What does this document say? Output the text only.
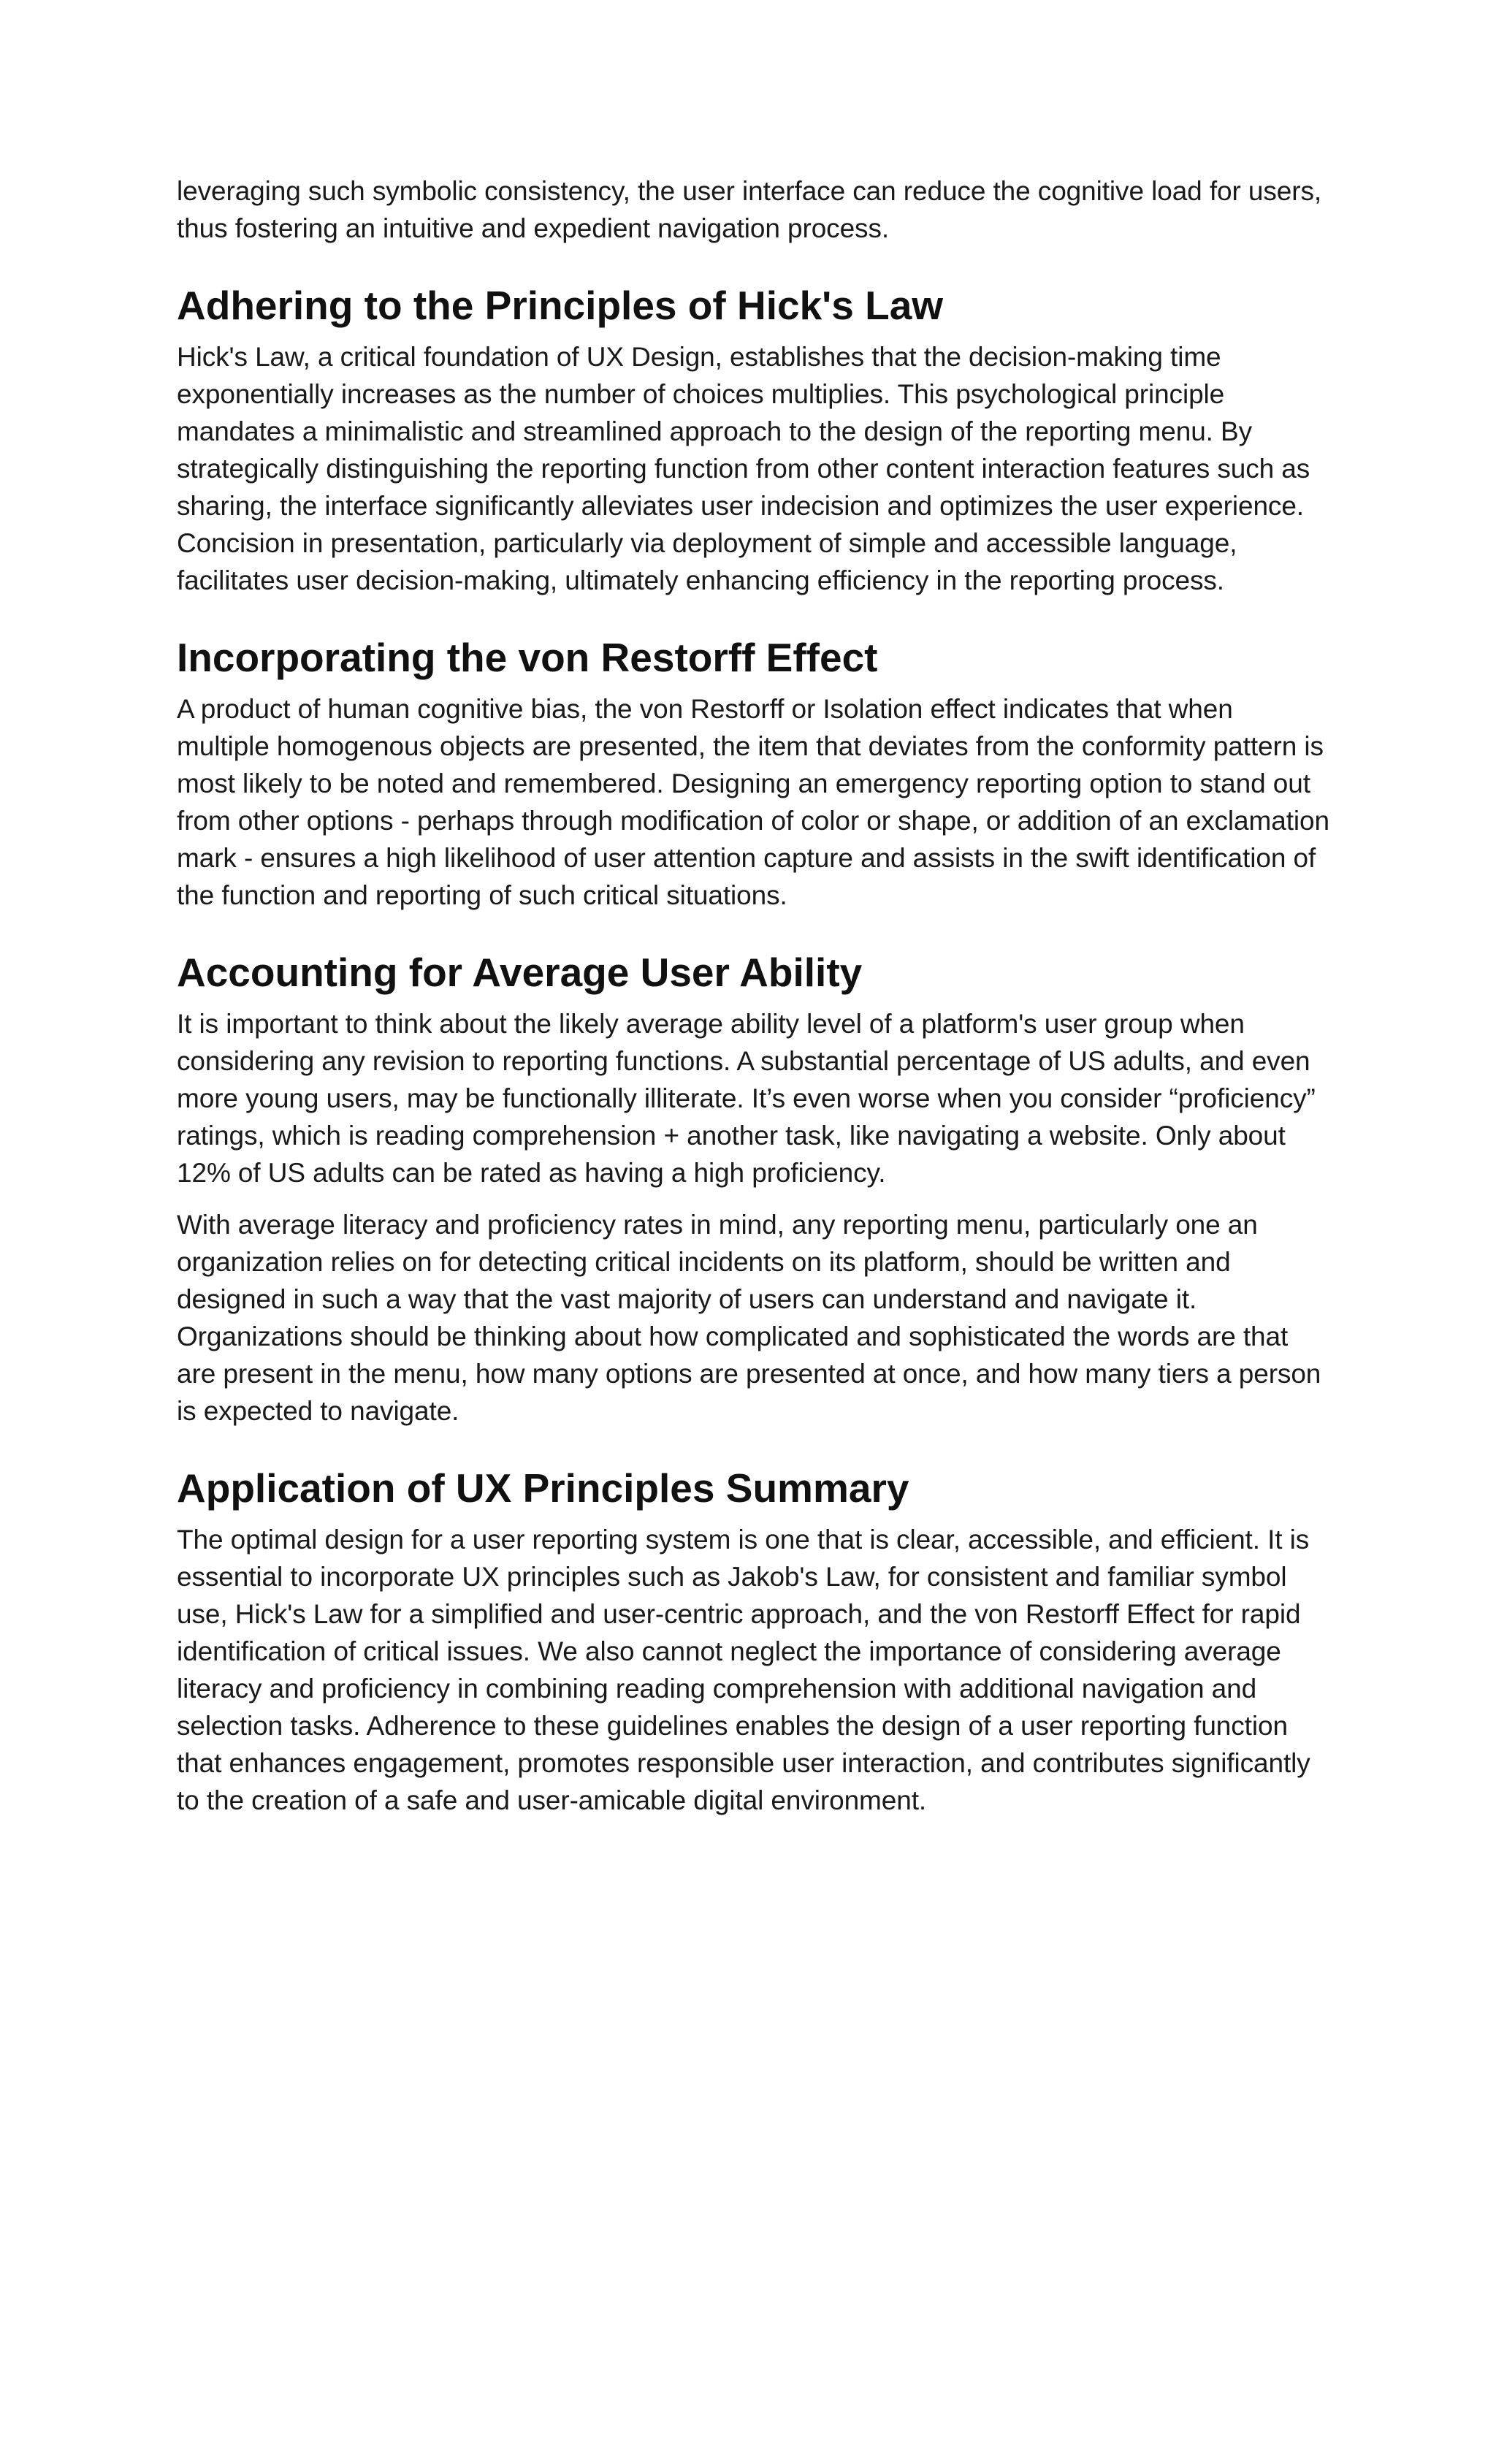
leveraging such symbolic consistency, the user interface can reduce the cognitive load for users, thus fostering an intuitive and expedient navigation process.

Adhering to the Principles of Hick's Law

Hick's Law, a critical foundation of UX Design, establishes that the decision-making time exponentially increases as the number of choices multiplies. This psychological principle mandates a minimalistic and streamlined approach to the design of the reporting menu. By strategically distinguishing the reporting function from other content interaction features such as sharing, the interface significantly alleviates user indecision and optimizes the user experience. Concision in presentation, particularly via deployment of simple and accessible language, facilitates user decision-making, ultimately enhancing efficiency in the reporting process.

Incorporating the von Restorff Effect

A product of human cognitive bias, the von Restorff or Isolation effect indicates that when multiple homogenous objects are presented, the item that deviates from the conformity pattern is most likely to be noted and remembered. Designing an emergency reporting option to stand out from other options - perhaps through modification of color or shape, or addition of an exclamation mark - ensures a high likelihood of user attention capture and assists in the swift identification of the function and reporting of such critical situations.

Accounting for Average User Ability

It is important to think about the likely average ability level of a platform's user group when considering any revision to reporting functions. A substantial percentage of US adults, and even more young users, may be functionally illiterate. It’s even worse when you consider “proficiency” ratings, which is reading comprehension + another task, like navigating a website. Only about 12% of US adults can be rated as having a high proficiency.

With average literacy and proficiency rates in mind, any reporting menu, particularly one an organization relies on for detecting critical incidents on its platform, should be written and designed in such a way that the vast majority of users can understand and navigate it. Organizations should be thinking about how complicated and sophisticated the words are that are present in the menu, how many options are presented at once, and how many tiers a person is expected to navigate.

Application of UX Principles Summary

The optimal design for a user reporting system is one that is clear, accessible, and efficient. It is essential to incorporate UX principles such as Jakob's Law, for consistent and familiar symbol use, Hick's Law for a simplified and user-centric approach, and the von Restorff Effect for rapid identification of critical issues. We also cannot neglect the importance of considering average literacy and proficiency in combining reading comprehension with additional navigation and selection tasks. Adherence to these guidelines enables the design of a user reporting function that enhances engagement, promotes responsible user interaction, and contributes significantly to the creation of a safe and user-amicable digital environment.
